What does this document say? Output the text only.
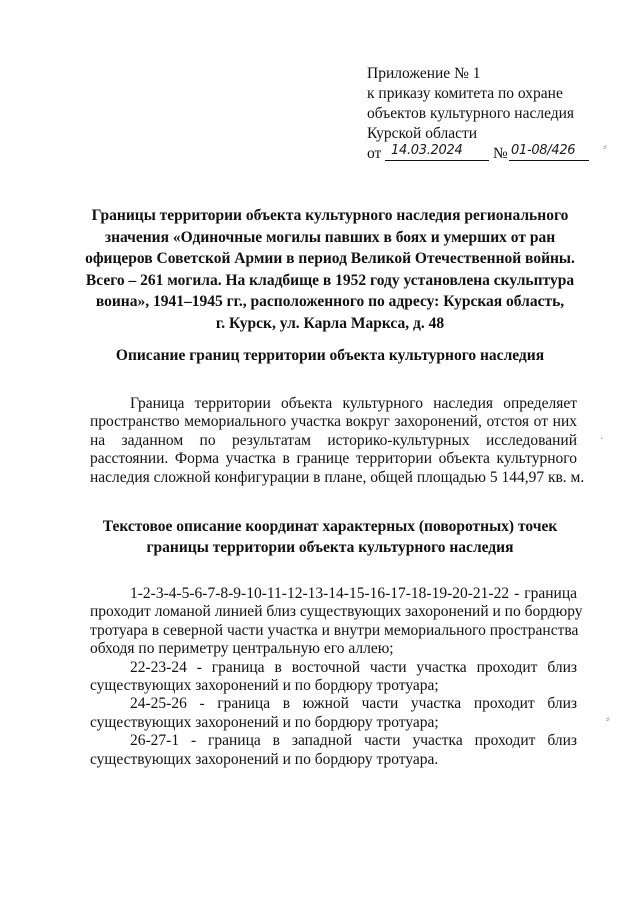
Приложение № 1
к приказу комитета по охране
объектов культурного наследия
Курской области
от 14.03.2024 № 01-08/426
Границы территории объекта культурного наследия регионального
значения «Одиночные могилы павших в боях и умерших от ран
офицеров Советской Армии в период Великой Отечественной войны.
Всего – 261 могила. На кладбище в 1952 году установлена скульптура
воина», 1941–1945 гг., расположенного по адресу: Курская область,
г. Курск, ул. Карла Маркса, д. 48
Описание границ территории объекта культурного наследия
Граница территории объекта культурного наследия определяет
пространство мемориального участка вокруг захоронений, отстоя от них
на заданном по результатам историко-культурных исследований
расстоянии. Форма участка в границе территории объекта культурного
наследия сложной конфигурации в плане, общей площадью 5 144,97 кв. м.
Текстовое описание координат характерных (поворотных) точек
границы территории объекта культурного наследия
1-2-3-4-5-6-7-8-9-10-11-12-13-14-15-16-17-18-19-20-21-22 - граница
проходит ломаной линией близ существующих захоронений и по бордюру
тротуара в северной части участка и внутри мемориального пространства
обходя по периметру центральную его аллею;
22-23-24 - граница в восточной части участка проходит близ
существующих захоронений и по бордюру тротуара;
24-25-26 - граница в южной части участка проходит близ
существующих захоронений и по бордюру тротуара;
26-27-1 - граница в западной части участка проходит близ
существующих захоронений и по бордюру тротуара.
⸗
·
⸗
